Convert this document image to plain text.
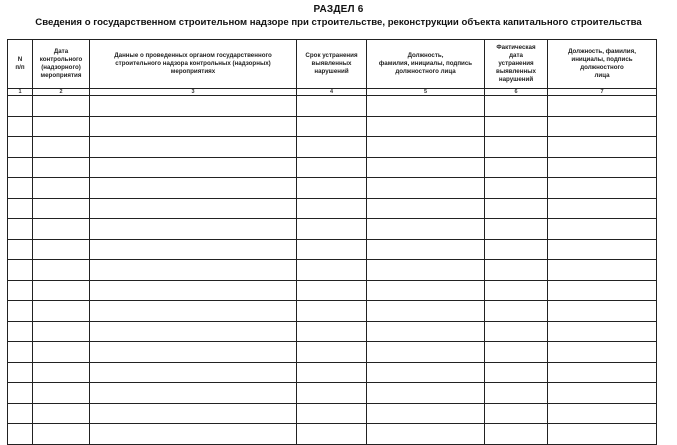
РАЗДЕЛ 6
Сведения о государственном строительном надзоре при строительстве, реконструкции объекта капитального строительства
N
п/п	Дата
контрольного
(надзорного)
мероприятия	Данные о проведенных органом государственного
строительного надзора контрольных (надзорных)
мероприятиях	Срок устранения
выявленных
нарушений	Должность,
фамилия, инициалы, подпись
должностного лица	Фактическая
дата
устранения
выявленных
нарушений	Должность, фамилия,
инициалы, подпись
должностного
лица
1	2	3	4	5	6	7
